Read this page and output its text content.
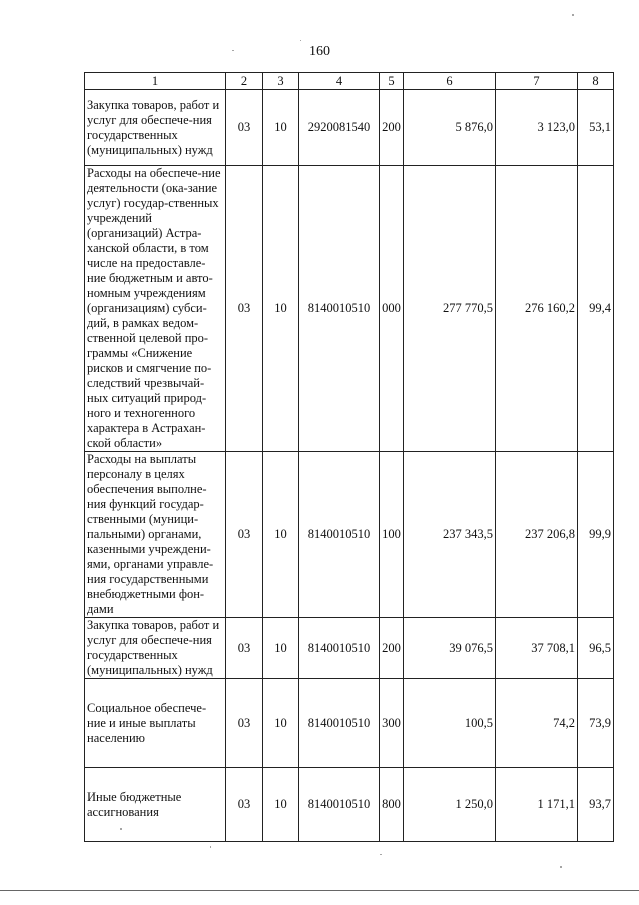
160
1	2	3	4	5	6	7	8
Закупка товаров, работ и услуг для обеспече-ния государственных (муниципальных) нужд	03	10	2920081540	200	5 876,0	3 123,0	53,1
Расходы на обеспече-ние деятельности (ока-зание услуг) государ-ственных учреждений (организаций) Астра-ханской области, в том числе на предоставле-ние бюджетным и авто-номным учреждениям (организациям) субси-дий, в рамках ведом-ственной целевой про-граммы «Снижение рисков и смягчение по-следствий чрезвычай-ных ситуаций природ-ного и техногенного характера в Астрахан-ской области»	03	10	8140010510	000	277 770,5	276 160,2	99,4
Расходы на выплаты персоналу в целях обеспечения выполне-ния функций государ-ственными (муници-пальными) органами, казенными учреждени-ями, органами управле-ния государственными внебюджетными фон-дами	03	10	8140010510	100	237 343,5	237 206,8	99,9
Закупка товаров, работ и услуг для обеспече-ния государственных (муниципальных) нужд	03	10	8140010510	200	39 076,5	37 708,1	96,5
Социальное обеспече-ние и иные выплаты населению	03	10	8140010510	300	100,5	74,2	73,9
Иные бюджетные ассигнования	03	10	8140010510	800	1 250,0	1 171,1	93,7
